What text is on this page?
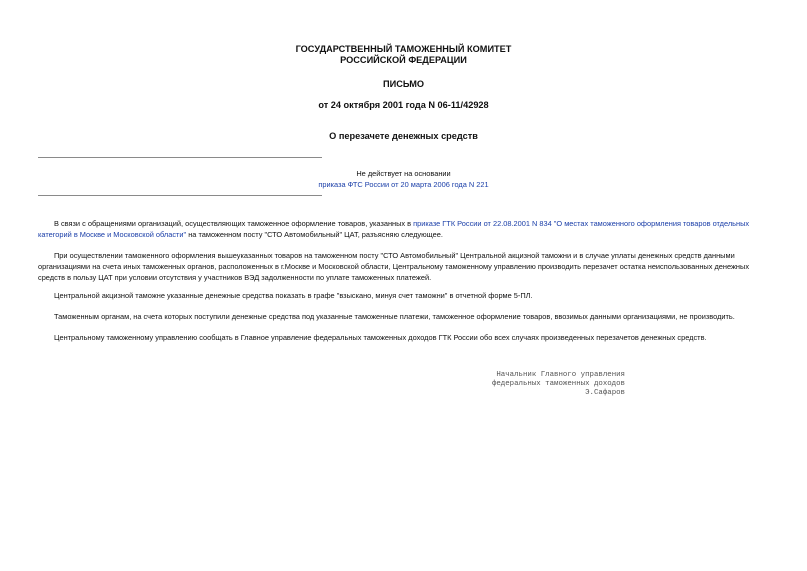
ГОСУДАРСТВЕННЫЙ ТАМОЖЕННЫЙ КОМИТЕТ
РОССИЙСКОЙ ФЕДЕРАЦИИ
ПИСЬМО
от 24 октября 2001 года N 06-11/42928
О перезачете денежных средств
Не действует на основании
приказа ФТС России от 20 марта 2006 года N 221

В связи с обращениями организаций, осуществляющих таможенное оформление товаров, указанных в приказе ГТК России от 22.08.2001 N 834 "О местах таможенного оформления товаров отдельных категорий в Москве и Московской области" на таможенном посту "СТО Автомобильный" ЦАТ, разъясняю следующее.

При осуществлении таможенного оформления вышеуказанных товаров на таможенном посту "СТО Автомобильный" Центральной акцизной таможни и в случае уплаты денежных средств данными организациями на счета иных таможенных органов, расположенных в г.Москве и Московской области, Центральному таможенному управлению производить перезачет остатка неиспользованных денежных средств в пользу ЦАТ при условии отсутствия у участников ВЭД задолженности по уплате таможенных платежей.

Центральной акцизной таможне указанные денежные средства показать в графе "взыскано, минуя счет таможни" в отчетной форме 5-ПЛ.

Таможенным органам, на счета которых поступили денежные средства под указанные таможенные платежи, таможенное оформление товаров, ввозимых данными организациями, не производить.

Центральному таможенному управлению сообщать в Главное управление федеральных таможенных доходов ГТК России обо всех случаях произведенных перезачетов денежных средств.

Начальник Главного управления
федеральных таможенных доходов
Э.Сафаров
